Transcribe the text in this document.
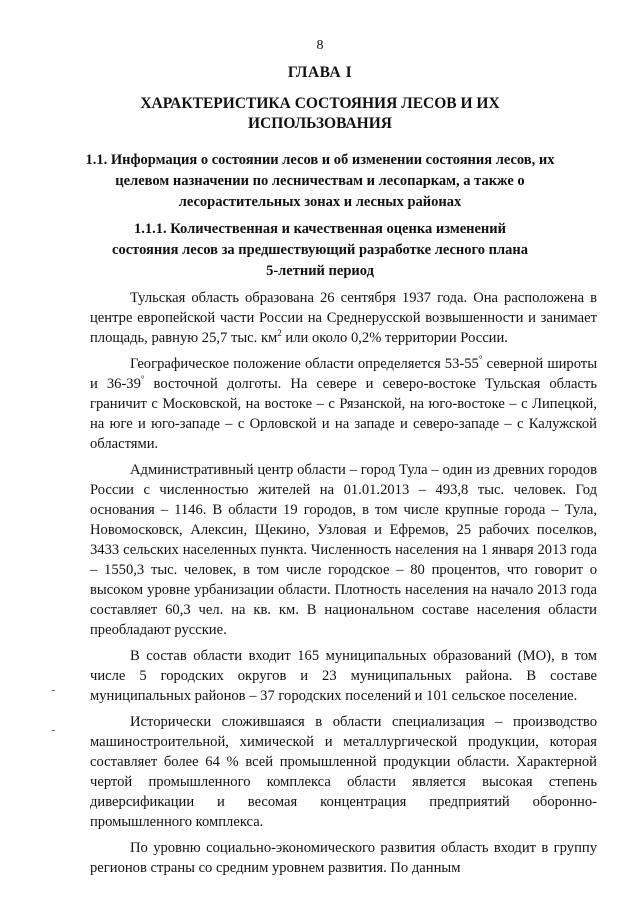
8
ГЛАВА I
ХАРАКТЕРИСТИКА СОСТОЯНИЯ ЛЕСОВ И ИХ ИСПОЛЬЗОВАНИЯ
1.1. Информация о состоянии лесов и об изменении состояния лесов, их целевом назначении по лесничествам и лесопаркам, а также о лесорастительных зонах и лесных районах
1.1.1. Количественная и качественная оценка изменений состояния лесов за предшествующий разработке лесного плана 5-летний период

Тульская область образована 26 сентября 1937 года. Она расположена в центре европейской части России на Среднерусской возвышенности и занимает площадь, равную 25,7 тыс. $км^2$ или около 0,2% территории России.

Географическое положение области определяется 53-55° северной широты и 36-39° восточной долготы. На севере и северо-востоке Тульская область граничит с Московской, на востоке – с Рязанской, на юго-востоке – с Липецкой, на юге и юго-западе – с Орловской и на западе и северо-западе – с Калужской областями.

Административный центр области – город Тула – один из древних городов России с численностью жителей на 01.01.2013 – 493,8 тыс. человек. Год основания – 1146. В области 19 городов, в том числе крупные города – Тула, Новомосковск, Алексин, Щекино, Узловая и Ефремов, 25 рабочих поселков, 3433 сельских населенных пункта. Численность населения на 1 января 2013 года – 1550,3 тыс. человек, в том числе городское – 80 процентов, что говорит о высоком уровне урбанизации области. Плотность населения на начало 2013 года составляет 60,3 чел. на кв. км. В национальном составе населения области преобладают русские.

В состав области входит 165 муниципальных образований (МО), в том числе 5 городских округов и 23 муниципальных района. В составе муниципальных районов – 37 городских поселений и 101 сельское поселение.

Исторически сложившаяся в области специализация – производство машиностроительной, химической и металлургической продукции, которая составляет более 64 % всей промышленной продукции области. Характерной чертой промышленного комплекса области является высокая степень диверсификации и весомая концентрация предприятий оборонно-промышленного комплекса.

По уровню социально-экономического развития область входит в группу регионов страны со средним уровнем развития. По данным
